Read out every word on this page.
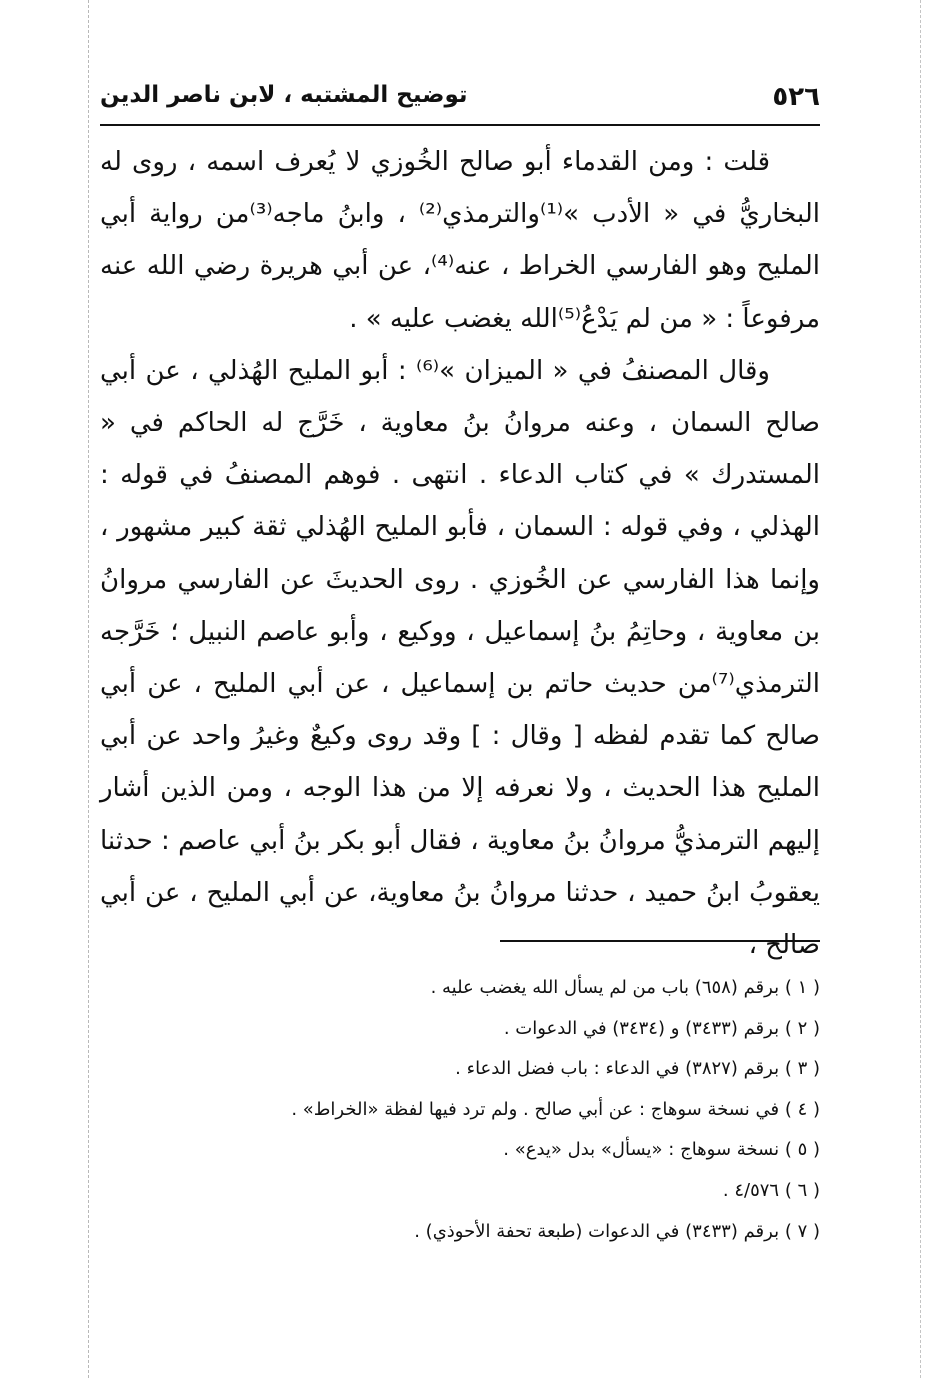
٥٢٦
توضيح المشتبه ، لابن ناصر الدين

قلت : ومن القدماء أبو صالح الخُوزي لا يُعرف اسمه ، روى له البخاريُّ في « الأدب »⁽¹⁾والترمذي⁽²⁾ ، وابنُ ماجه⁽³⁾من رواية أبي المليح وهو الفارسي الخراط ، عنه⁽⁴⁾، عن أبي هريرة رضي الله عنه مرفوعاً : « من لم يَدْعُ⁽⁵⁾الله يغضب عليه » .

وقال المصنفُ في « الميزان »⁽⁶⁾ : أبو المليح الهُذلي ، عن أبي صالح السمان ، وعنه مروانُ بنُ معاوية ، خَرَّج له الحاكم في « المستدرك » في كتاب الدعاء . انتهى . فوهم المصنفُ في قوله : الهذلي ، وفي قوله : السمان ، فأبو المليح الهُذلي ثقة كبير مشهور ، وإنما هذا الفارسي عن الخُوزي . روى الحديثَ عن الفارسي مروانُ بن معاوية ، وحاتِمُ بنُ إسماعيل ، ووكيع ، وأبو عاصم النبيل ؛ خَرَّجه الترمذي⁽⁷⁾من حديث حاتم بن إسماعيل ، عن أبي المليح ، عن أبي صالح كما تقدم لفظه [ وقال : ] وقد روى وكيعٌ وغيرُ واحد عن أبي المليح هذا الحديث ، ولا نعرفه إلا من هذا الوجه ، ومن الذين أشار إليهم الترمذيُّ مروانُ بنُ معاوية ، فقال أبو بكر بنُ أبي عاصم : حدثنا يعقوبُ ابنُ حميد ، حدثنا مروانُ بنُ معاوية، عن أبي المليح ، عن أبي صالح ،

( ١ ) برقم (٦٥٨) باب من لم يسأل الله يغضب عليه .
( ٢ ) برقم (٣٤٣٣) و (٣٤٣٤) في الدعوات .
( ٣ ) برقم (٣٨٢٧) في الدعاء : باب فضل الدعاء .
( ٤ ) في نسخة سوهاج : عن أبي صالح . ولم ترد فيها لفظة «الخراط» .
( ٥ ) نسخة سوهاج : «يسأل» بدل «يدع» .
( ٦ ) ٤/٥٧٦ .
( ٧ ) برقم (٣٤٣٣) في الدعوات (طبعة تحفة الأحوذي) .
